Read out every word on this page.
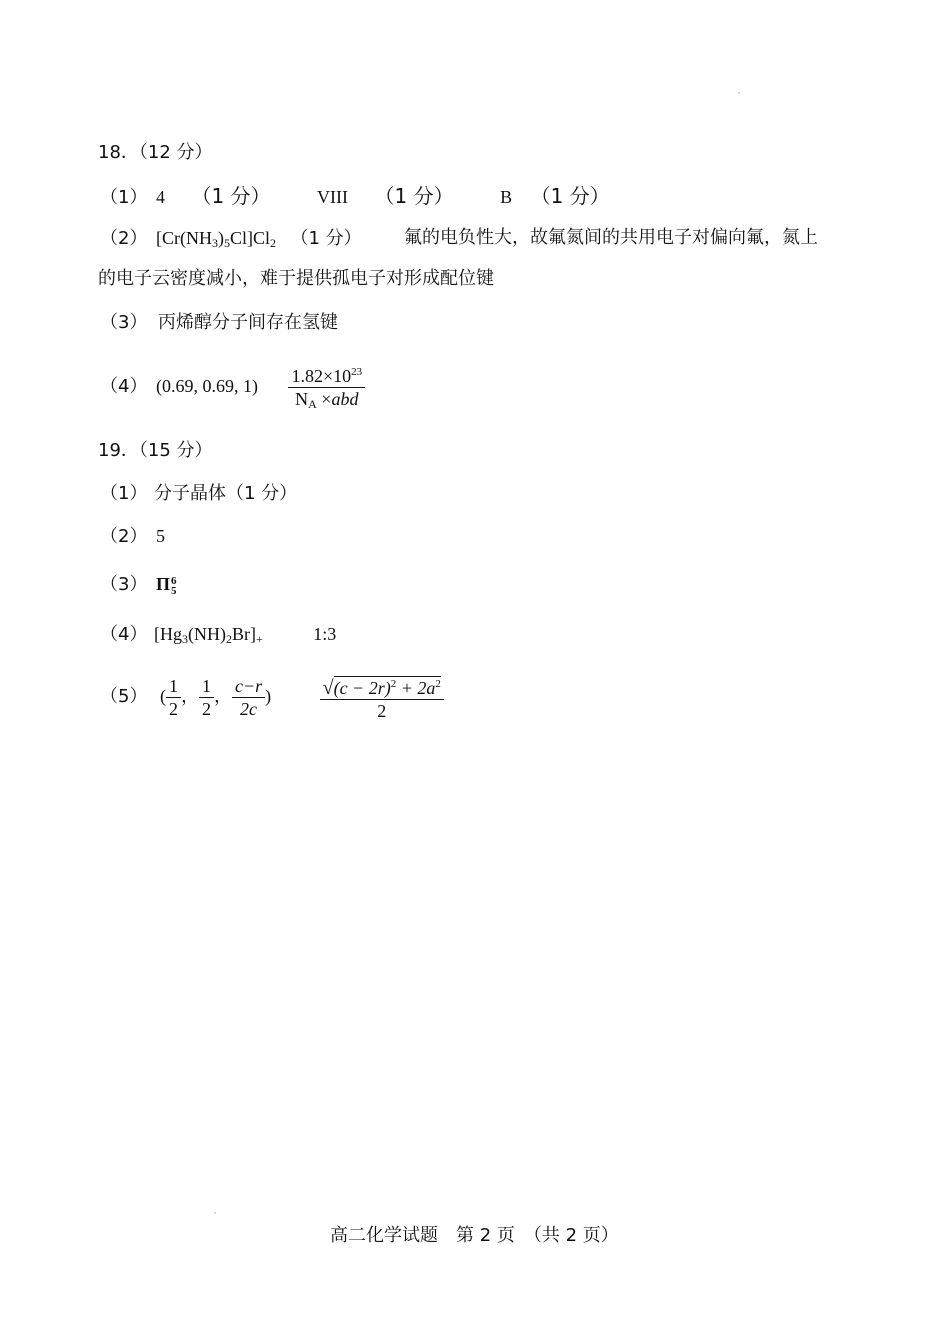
18．（12 分）
（1） 4 （1 分）	VIII （1 分）	B （1 分）
（2） $[Cr(NH_3)_5Cl]Cl_2$ （1 分） 氟的电负性大，故氟氮间的共用电子对偏向氟，氮上
的电子云密度减小，难于提供孤电子对形成配位键
（3） 丙烯醇分子间存在氢键
（4） (0.69, 0.69, $1) \frac{1.82\times 10^{23}}{N_A \times abd}$
19．（15 分）
（1） 分子晶体（1 分）
（2） 5
（3） Π 6
5
（4） $[Hg_3(NH)_2Br]_+$	1:3
（5） ( $\frac{1}{2}$ ， $\frac{1}{2}$ ， $\frac{c-r}{2c}$ ) $\frac{√(c - 2r)^2 + 2a^2}{2}$
高二化学试题　第 2 页　（共 2 页）
